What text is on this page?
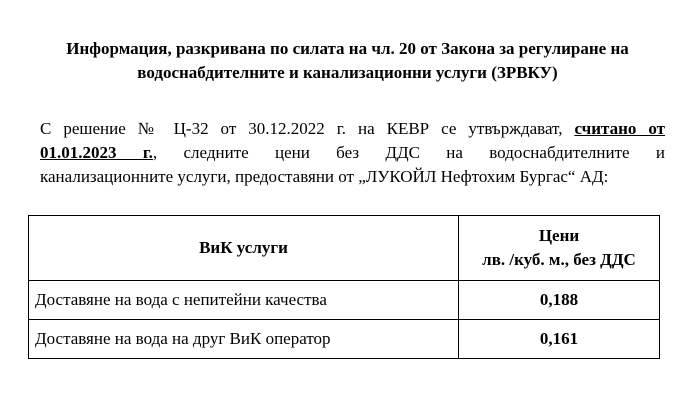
Информация, разкривана по силата на чл. 20 от Закона за регулиране на
водоснабдителните и канализационни услуги (ЗРВКУ)
С решение № Ц-32 от 30.12.2022 г. на КЕВР се утвърждават, считано от
01.01.2023 г., следните цени без ДДС на водоснабдителните и
канализационните услуги, предоставяни от „ЛУКОЙЛ Нефтохим Бургас“ АД:
ВиК услуги	Цени
лв. /куб. м., без ДДС

Доставяне на вода с непитейни качества	0,188
Доставяне на вода на друг ВиК оператор	0,161
